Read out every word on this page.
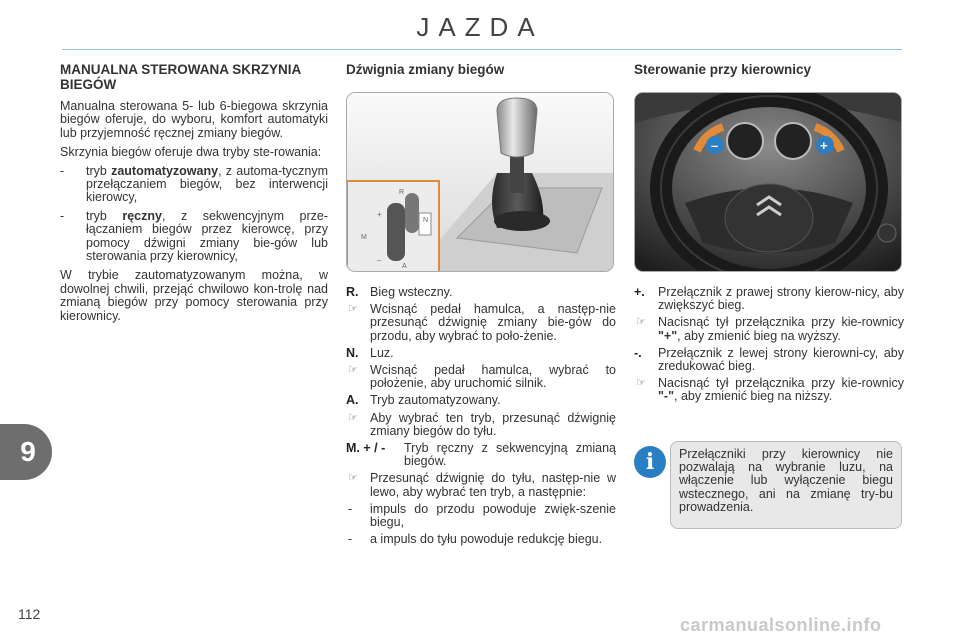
JAZDA
MANUALNA STEROWANA SKRZYNIA BIEGÓW
Manualna sterowana 5- lub 6-biegowa skrzynia biegów oferuje, do wyboru, komfort automatyki lub przyjemność ręcznej zmiany biegów.
Skrzynia biegów oferuje dwa tryby ste-rowania:
- tryb zautomatyzowany, z automa-tycznym przełączaniem biegów, bez interwencji kierowcy,
- tryb ręczny, z sekwencyjnym prze-łączaniem biegów przez kierowcę, przy pomocy dźwigni zmiany bie-gów lub sterowania przy kierownicy,
W trybie zautomatyzowanym można, w dowolnej chwili, przejąć chwilowo kon-trolę nad zmianą biegów przy pomocy sterowania przy kierownicy.
Dźwignia zmiany biegów
R
N
A
M
+
–
R. Bieg wsteczny.
☞ Wcisnąć pedał hamulca, a następ-nie przesunąć dźwignię zmiany bie-gów do przodu, aby wybrać to poło-żenie.
N. Luz.
☞ Wcisnąć pedał hamulca, wybrać to położenie, aby uruchomić silnik.
A. Tryb zautomatyzowany.
☞ Aby wybrać ten tryb, przesunąć dźwignię zmiany biegów do tyłu.
M. + / -	Tryb ręczny z sekwencyjną zmianą biegów.
☞ Przesunąć dźwignię do tyłu, następ-nie w lewo, aby wybrać ten tryb, a następnie:
- impuls do przodu powoduje zwięk-szenie biegu,
- a impuls do tyłu powoduje redukcję biegu.
Sterowanie przy kierownicy
–	+
+.	Przełącznik z prawej strony kierow-nicy, aby zwiększyć bieg.
☞ Nacisnąć tył przełącznika przy kie-rownicy "+", aby zmienić bieg na wyższy.
-.	Przełącznik z lewej strony kierowni-cy, aby zredukować bieg.
☞ Nacisnąć tył przełącznika przy kie-rownicy "-", aby zmienić bieg na niższy.
i	Przełączniki przy kierownicy nie pozwalają na wybranie luzu, na włączenie lub wyłączenie biegu wstecznego, ani na zmianę try-bu prowadzenia.
9
112
carmanualsonline.info
